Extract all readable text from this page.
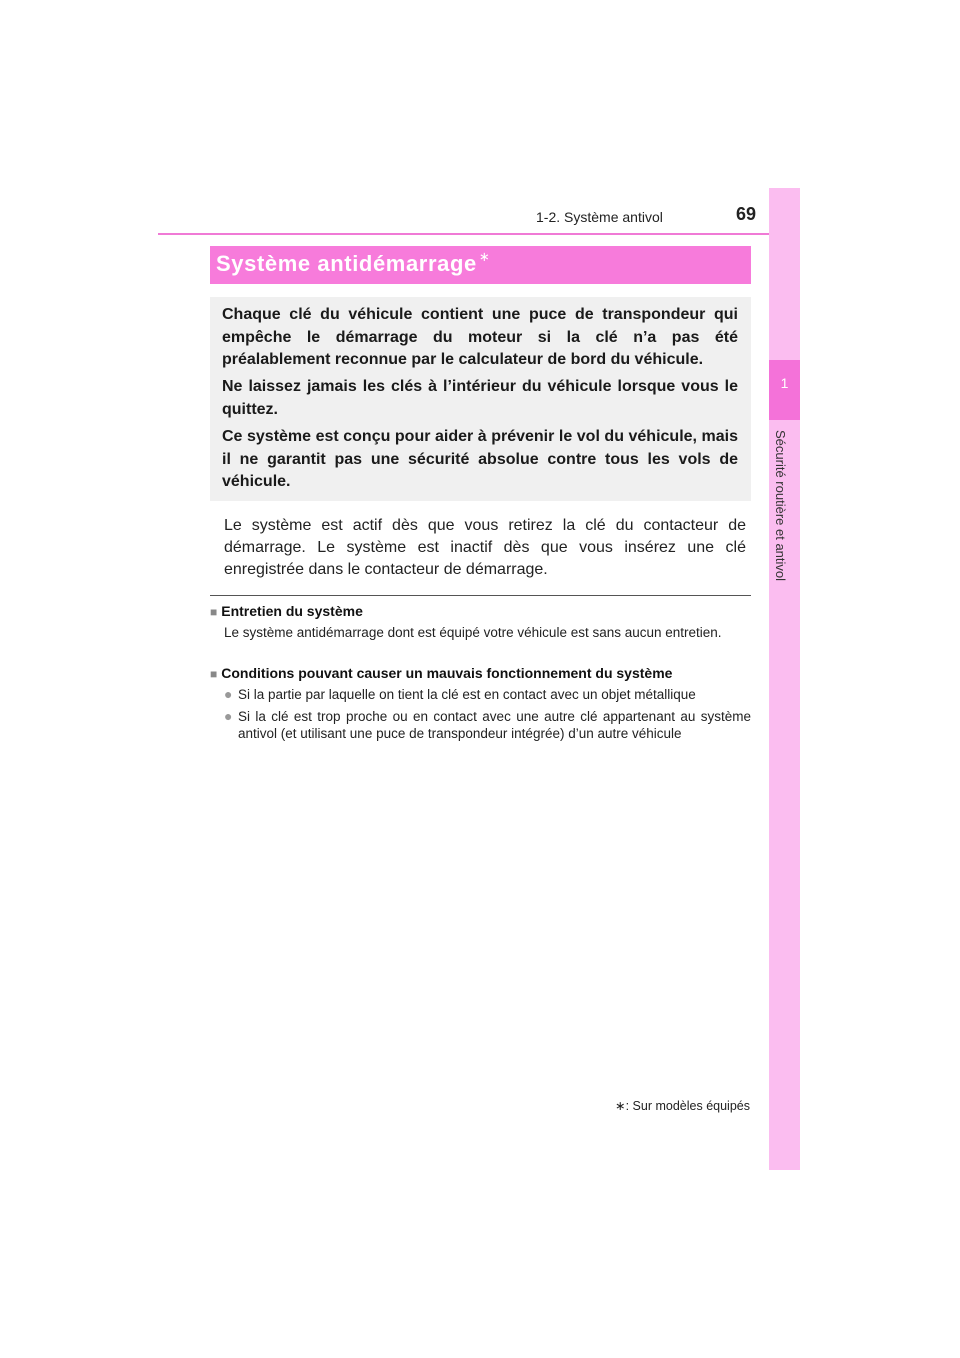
1-2. Système antivol	69
1
Sécurité routière et antivol
Système antidémarrage ∗
Chaque clé du véhicule contient une puce de transpondeur qui empêche le démarrage du moteur si la clé n’a pas été préalablement reconnue par le calculateur de bord du véhicule.
Ne laissez jamais les clés à l’intérieur du véhicule lorsque vous le quittez.
Ce système est conçu pour aider à prévenir le vol du véhicule, mais il ne garantit pas une sécurité absolue contre tous les vols de véhicule.
Le système est actif dès que vous retirez la clé du contacteur de démarrage. Le système est inactif dès que vous insérez une clé enregistrée dans le contacteur de démarrage.
■ Entretien du système
Le système antidémarrage dont est équipé votre véhicule est sans aucun entretien.
■ Conditions pouvant causer un mauvais fonctionnement du système
● Si la partie par laquelle on tient la clé est en contact avec un objet métallique
● Si la clé est trop proche ou en contact avec une autre clé appartenant au système antivol (et utilisant une puce de transpondeur intégrée) d’un autre véhicule
∗: Sur modèles équipés
